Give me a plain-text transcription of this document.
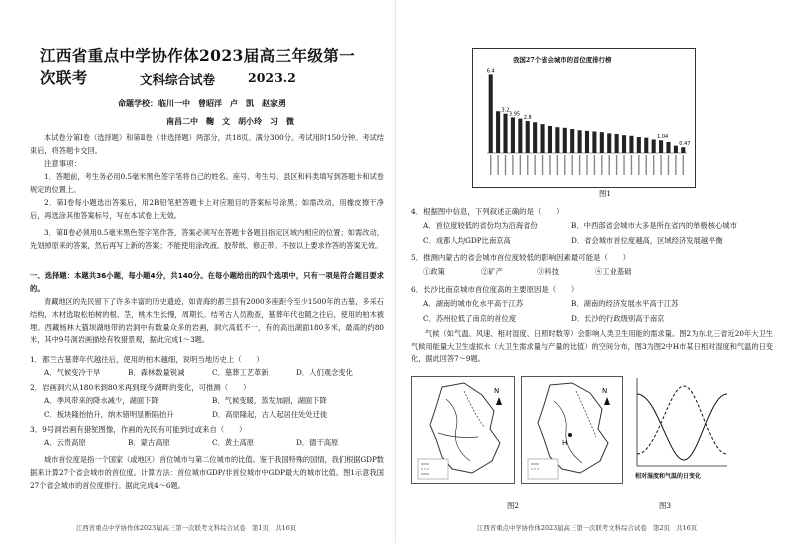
江西省重点中学协作体2023届高三年级第一次联考	文科综合试卷	2023.2
命题学校：临川一中　曾昭洋　卢　凯　赵家勇
南昌二中　鞠　文　胡小玲　习　微
本试卷分第Ⅰ卷（选择题）和第Ⅱ卷（非选择题）两部分，共18页。满分300分。考试用时150分钟。考试结束后，将答题卡交回。
注意事项：
1．答题前，考生务必用0.5毫米黑色签字笔将自己的姓名、座号、考生号、县区和科类填写到答题卡和试卷规定的位置上。
2．第Ⅰ卷每小题选出答案后，用2B铅笔把答题卡上对应题目的答案标号涂黑；如需改动，用橡皮擦干净后，再选涂其他答案标号，写在本试卷上无效。
3．第Ⅱ卷必须用0.5毫米黑色签字笔作答，答案必须写在答题卡各题目指定区域内相应的位置；如需改动，先划掉原来的答案，然后再写上新的答案；不能使用涂改液、胶带纸、修正带。不按以上要求作答的答案无效。
一、选择题：本题共36小题，每小题4分，共140分。在每小题给出的四个选项中，只有一项是符合题目要求的。
青藏地区的先民留下了许多丰富的历史遗迹，如青海的都兰县有2000多座距今至少1500年的古墓，多采石结构，木材选取松柏树的根、茎，桃木生长慢，周期长。结考古人员勘查，墓葬年代也随之往后，使用的柏木被埋。西藏杨林大猫坝湖地带的岩洞中有数量众多的岩画，洞穴高低不一，有的高出湖面180多米，最高的约80米，其中9号洞岩画描绘有牧猎景观，据此完成1～3题。
1．都兰古墓葬年代越往后，使用的柏木越细，说明当地历史上（　　）
A．气候变冷干旱	B．森林数量锐减	C．墓葬工艺革新	D．人们观念变化
2．岩画洞穴从180米到80米再到现今湖畔的变化，可推测（　　）
A．季风带来的降水减少，湖面下降	B．气候变暖，蒸发加剧，湖面下降
C．板块隆抬抬升，纳木错明显断陷抬升	D．高原隆起，古人起居住处处迁徙
3．9号洞岩画有猎鸵图像，作画的先民有可能到过或来自（　　）
A．云贵高原	B．蒙古高原	C．黄土高原	D．德干高原
城市首位度是指一个国家（或地区）首位城市与第二位城市的比值。鉴于我国特殊的国情，我们根据GDP数据来计算27个省会城市的首位度。计算方法：首位城市GDP/非首位城市中GDP最大的城市比值。图1示意我国27个省会城市的首位度排行。据此完成4～6题。
江西省重点中学协作体2023届高三第一次联考文科综合试卷　第1页　共16页
我国27个省会城市的首位度排行榜
6.4
3.2
3.95
2.8
1.04
0.47
图1
4．根据图中信息，下列叙述正确的是（　　）
A．首位度较低的省份均为沿海省份	B．中西部省会城市大多是所在省内的单极核心城市
C．成都人均GDP比南京高	D．省会城市首位度越高，区域经济发展越平衡
5．推测内蒙古的省会城市首位度较低的影响因素最可能是（　　）
①政策	②矿产	③科技	④工业基础
6．长沙比南京城市首位度高的主要原因是（　　）
A．湖南的城市化水平高于江苏	B．湖南的经济发展水平高于江苏
C．苏州拉低了南京的首位度	D．长沙的行政级别高于南京
气候（如气温、风速、相对湿度、日照时数等）会影响人类卫生用能的需求量。图2为东北三省近20年大卫生气候用能量大卫生虚拟水（大卫生需求量与产量的比值）的空间分布，图3为图2中H市某日相对湿度和气温的日变化，据此回答7～9题。
N
H
N
图2
相对湿度和气温的日变化
图3
江西省重点中学协作体2023届高三第一次联考文科综合试卷　第2页　共16页
